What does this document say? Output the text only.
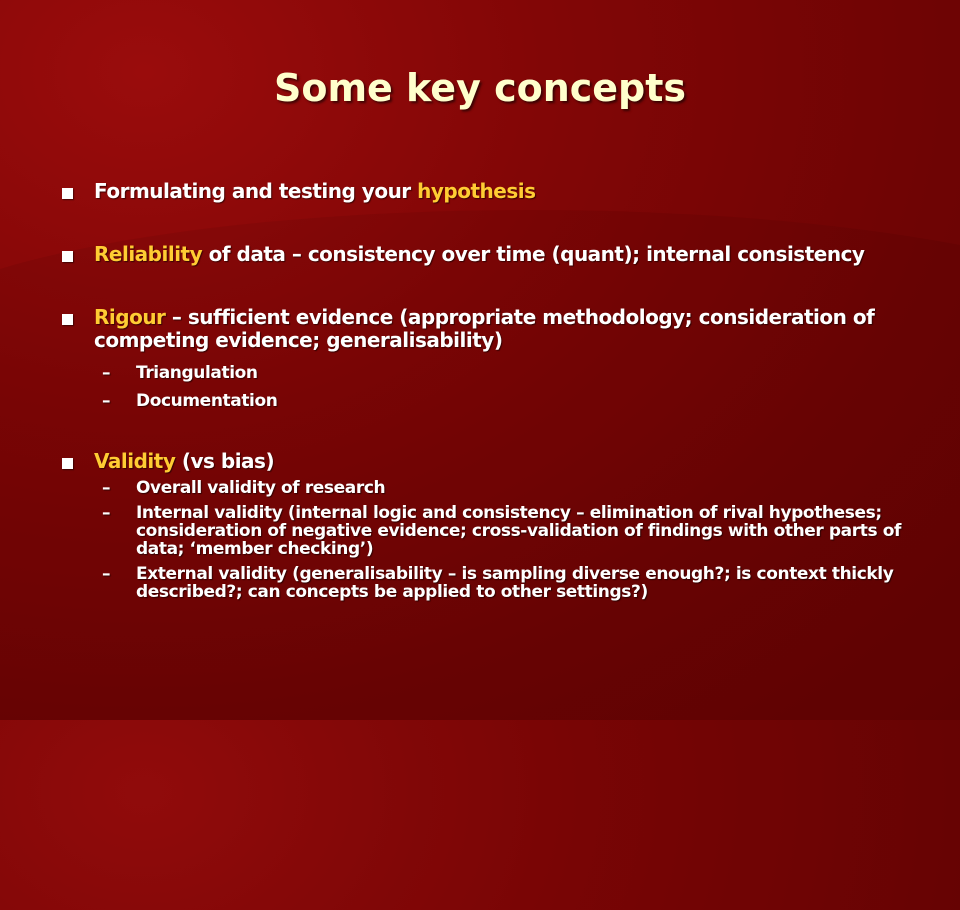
Some key concepts
Formulating and testing your hypothesis
Reliability of data – consistency over time (quant); internal consistency
Rigour – sufficient evidence (appropriate methodology; consideration of competing evidence; generalisability)
– Triangulation
– Documentation
Validity (vs bias)
– Overall validity of research
– Internal validity (internal logic and consistency – elimination of rival hypotheses; consideration of negative evidence; cross-validation of findings with other parts of data; ‘member checking’)
– External validity (generalisability – is sampling diverse enough?; is context thickly described?; can concepts be applied to other settings?)
